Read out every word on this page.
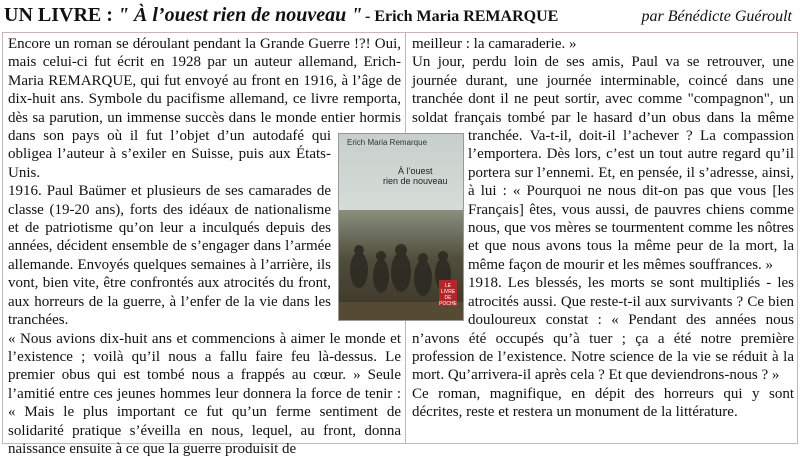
UN LIVRE : " À l’ouest rien de nouveau " - Erich Maria REMARQUE	par Bénédicte Guéroult
Erich Maria Remarque
À l’ouest
rien de nouveau
LE LIVRE DE POCHE

Encore un roman se déroulant pendant la Grande Guerre !?! Oui, mais celui-ci fut écrit en 1928 par un auteur allemand, Erich-Maria REMARQUE, qui fut envoyé au front en 1916, à l’âge de dix-huit ans. Symbole du pacifisme allemand, ce livre remporta, dès sa parution, un immense succès dans le monde entier hormis dans son pays où il fut l’objet d’un autodafé qui obligea l’auteur à s’exiler en Suisse, puis aux États-Unis.

1916. Paul Baümer et plusieurs de ses camarades de classe (19-20 ans), forts des idéaux de nationalisme et de patriotisme qu’on leur a inculqués depuis des années, décident ensemble de s’engager dans l’armée allemande. Envoyés quelques semaines à l’arrière, ils vont, bien vite, être confrontés aux atrocités du front, aux horreurs de la guerre, à l’enfer de la vie dans les tranchées.

« Nous avions dix-huit ans et commencions à aimer le monde et l’existence ; voilà qu’il nous a fallu faire feu là-dessus. Le premier obus qui est tombé nous a frappés au cœur. » Seule l’amitié entre ces jeunes hommes leur donnera la force de tenir : « Mais le plus important ce fut qu’un ferme sentiment de solidarité pratique s’éveilla en nous, lequel, au front, donna naissance ensuite à ce que la guerre produisit de

meilleur : la camaraderie. »

Un jour, perdu loin de ses amis, Paul va se retrouver, une journée durant, une journée interminable, coincé dans une tranchée dont il ne peut sortir, avec comme "compagnon", un soldat français tombé par le hasard d’un obus dans la même tranchée. Va-t-il, doit-il l’achever ? La compassion l’emportera. Dès lors, c’est un tout autre regard qu’il portera sur l’ennemi. Et, en pensée, il s’adresse, ainsi, à lui : « Pourquoi ne nous dit-on pas que vous [les Français] êtes, vous aussi, de pauvres chiens comme nous, que vos mères se tourmentent comme les nôtres et que nous avons tous la même peur de la mort, la même façon de mourir et les mêmes souffrances. »

1918. Les blessés, les morts se sont multipliés - les atrocités aussi. Que reste-t-il aux survivants ? Ce bien douloureux constat : « Pendant des années nous n’avons été occupés qu’à tuer ; ça a été notre première profession de l’existence. Notre science de la vie se réduit à la mort. Qu’arrivera-il après cela ? Et que deviendrons-nous ? »

Ce roman, magnifique, en dépit des horreurs qui y sont décrites, reste et restera un monument de la littérature.
